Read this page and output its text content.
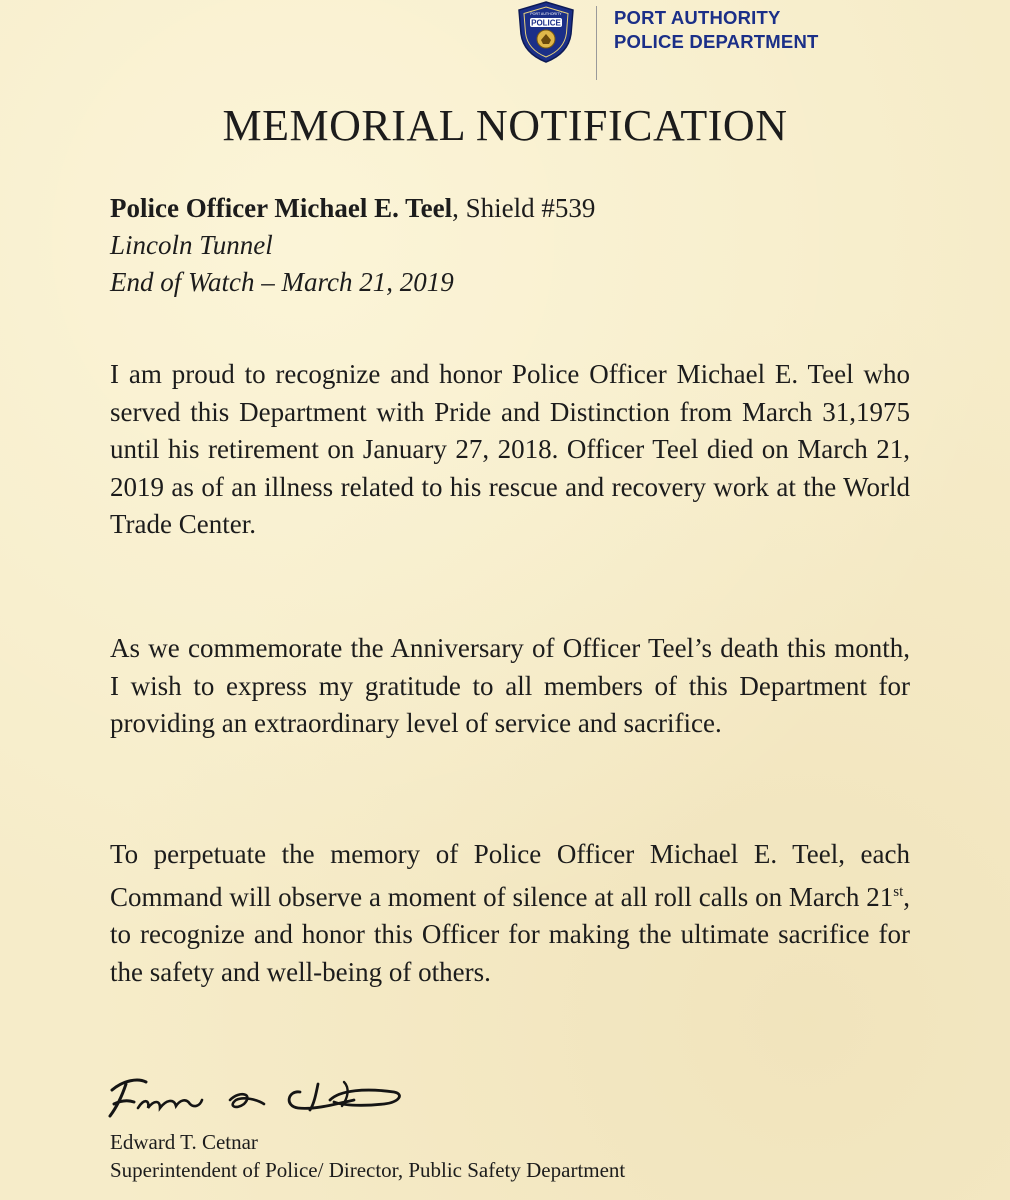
POLICE
PORT AUTHORITY	PORT AUTHORITY
POLICE DEPARTMENT
MEMORIAL NOTIFICATION
Police Officer Michael E. Teel, Shield #539
Lincoln Tunnel
End of Watch – March 21, 2019

I am proud to recognize and honor Police Officer Michael E. Teel who served this Department with Pride and Distinction from March 31,1975 until his retirement on January 27, 2018. Officer Teel died on March 21, 2019 as of an illness related to his rescue and recovery work at the World Trade Center.

As we commemorate the Anniversary of Officer Teel’s death this month, I wish to express my gratitude to all members of this Department for providing an extraordinary level of service and sacrifice.

To perpetuate the memory of Police Officer Michael E. Teel, each Command will observe a moment of silence at all roll calls on March 21st, to recognize and honor this Officer for making the ultimate sacrifice for the safety and well-being of others.

Edward T. Cetnar
Superintendent of Police/ Director, Public Safety Department
